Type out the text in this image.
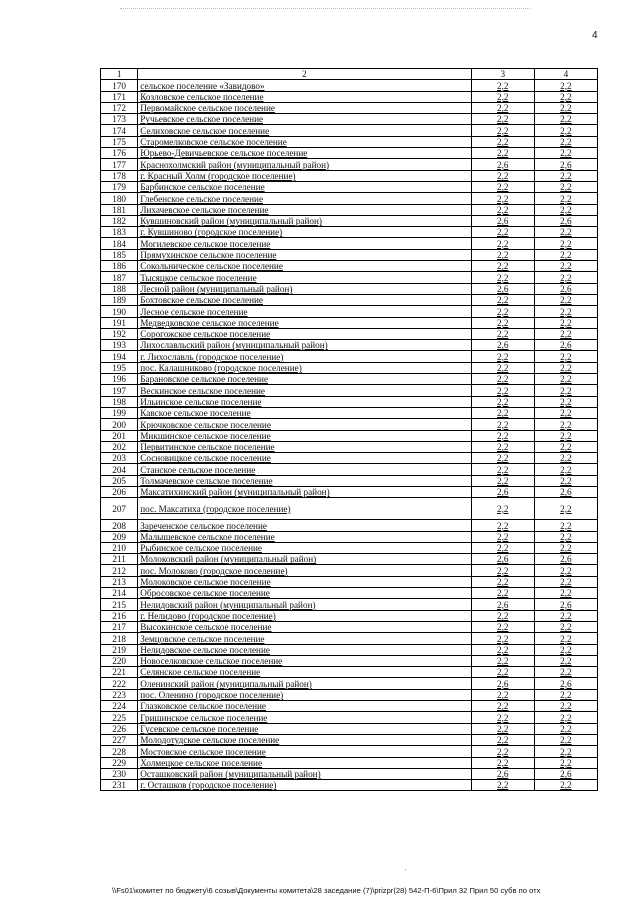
4
1	2	3	4
170	сельское поселение «Завидово»	2,2	2,2
171	Козловское сельское поселение	2,2	2,2
172	Первомайское сельское поселение	2,2	2,2
173	Ручьевское сельское поселение	2,2	2,2
174	Селиховское сельское поселение	2,2	2,2
175	Старомелковское сельское поселение	2,2	2,2
176	Юрьево-Девичьевское сельское поселение	2,2	2,2
177	Краснохолмский район (муниципальный район)	2,6	2,6
178	г. Красный Холм (городское поселение)	2,2	2,2
179	Барбинское сельское поселение	2,2	2,2
180	Глебенское сельское поселение	2,2	2,2
181	Лихачевское сельское поселение	2,2	2,2
182	Кувшиновский район (муниципальный район)	2,6	2,6
183	г. Кувшиново (городское поселение)	2,2	2,2
184	Могилевское сельское поселение	2,2	2,2
185	Прямухинское сельское поселение	2,2	2,2
186	Сокольническое сельское поселение	2,2	2,2
187	Тысяцкое сельское поселение	2,2	2,2
188	Лесной район (муниципальный район)	2,6	2,6
189	Бохтовское сельское поселение	2,2	2,2
190	Лесное сельское поселение	2,2	2,2
191	Медведковское сельское поселение	2,2	2,2
192	Сорогожское сельское поселение	2,2	2,2
193	Лихославльский район (муниципальный район)	2,6	2,6
194	г. Лихославль (городское поселение)	2,2	2,2
195	пос. Калашниково (городское поселение)	2,2	2,2
196	Барановское сельское поселение	2,2	2,2
197	Вескинское сельское поселение	2,2	2,2
198	Ильинское сельское поселение	2,2	2,2
199	Кавское сельское поселение	2,2	2,2
200	Крючковское сельское поселение	2,2	2,2
201	Микшинское сельское поселение	2,2	2,2
202	Первитинское сельское поселение	2,2	2,2
203	Сосновицкое сельское поселение	2,2	2,2
204	Станское сельское поселение	2,2	2,2
205	Толмачевское сельское поселение	2,2	2,2
206	Максатихинский район (муниципальный район)	2,6	2,6
207	пос. Максатиха (городское поселение)	2,2	2,2
208	Зареченское сельское поселение	2,2	2,2
209	Малышевское сельское поселение	2,2	2,2
210	Рыбинское сельское поселение	2,2	2,2
211	Молоковский район (муниципальный район)	2,6	2,6
212	пос. Молоково (городское поселение)	2,2	2,2
213	Молоковское сельское поселение	2,2	2,2
214	Обросовское сельское поселение	2,2	2,2
215	Нелидовский район (муниципальный район)	2,6	2,6
216	г. Нелидово (городское поселение)	2,2	2,2
217	Высокинское сельское поселение	2,2	2,2
218	Земцовское сельское поселение	2,2	2,2
219	Нелидовское сельское поселение	2,2	2,2
220	Новоселковское сельское поселение	2,2	2,2
221	Селянское сельское поселение	2,2	2,2
222	Оленинский район (муниципальный район)	2,6	2,6
223	пос. Оленино (городское поселение)	2,2	2,2
224	Глазковское сельское поселение	2,2	2,2
225	Гришинское сельское поселение	2,2	2,2
226	Гусевское сельское поселение	2,2	2,2
227	Молодотудское сельское поселение	2,2	2,2
228	Мостовское сельское поселение	2,2	2,2
229	Холмецкое сельское поселение	2,2	2,2
230	Осташковский район (муниципальный район)	2,6	2,6
231	г. Осташков (городское поселение)	2,2	2,2
·
\\Fs01\комитет по бюджету\6 созыв\Документы комитета\28 заседание (7)\prizpr(28) 542-П-6\Прил 32 Прил 50 субв по отх
